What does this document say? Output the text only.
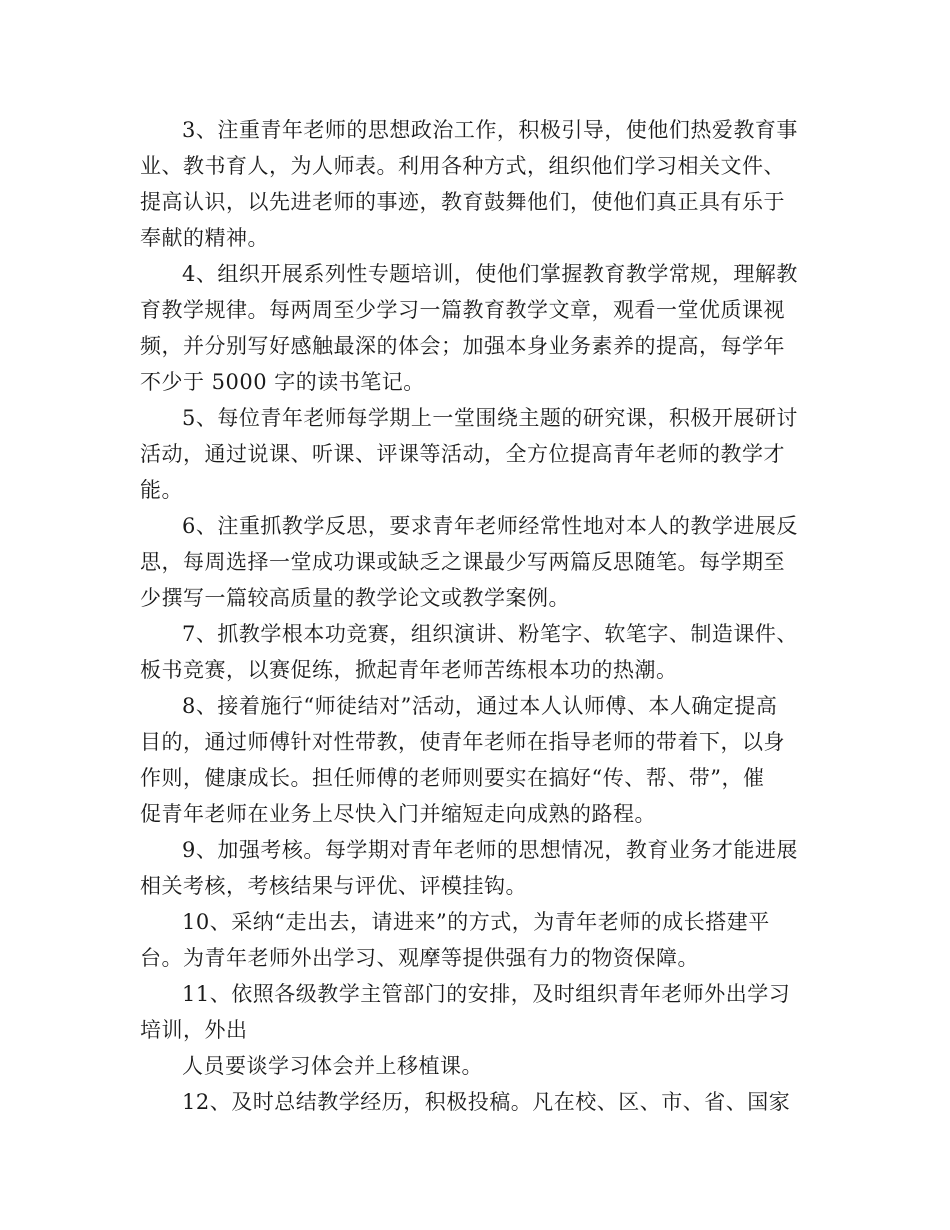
3、注重青年老师的思想政治工作，积极引导，使他们热爱教育事
业、教书育人，为人师表。利用各种方式，组织他们学习相关文件、
提高认识，以先进老师的事迹，教育鼓舞他们，使他们真正具有乐于
奉献的精神。

4、组织开展系列性专题培训，使他们掌握教育教学常规，理解教
育教学规律。每两周至少学习一篇教育教学文章，观看一堂优质课视
频，并分别写好感触最深的体会；加强本身业务素养的提高，每学年
不少于 5000 字的读书笔记。

5、每位青年老师每学期上一堂围绕主题的研究课，积极开展研讨
活动，通过说课、听课、评课等活动，全方位提高青年老师的教学才
能。

6、注重抓教学反思，要求青年老师经常性地对本人的教学进展反
思，每周选择一堂成功课或缺乏之课最少写两篇反思随笔。每学期至
少撰写一篇较高质量的教学论文或教学案例。

7、抓教学根本功竞赛，组织演讲、粉笔字、软笔字、制造课件、
板书竞赛，以赛促练，掀起青年老师苦练根本功的热潮。

8、接着施行“师徒结对”活动，通过本人认师傅、本人确定提高
目的，通过师傅针对性带教，使青年老师在指导老师的带着下，以身
作则，健康成长。担任师傅的老师则要实在搞好“传、帮、带”，催
促青年老师在业务上尽快入门并缩短走向成熟的路程。

9、加强考核。每学期对青年老师的思想情况，教育业务才能进展
相关考核，考核结果与评优、评模挂钩。

10、采纳“走出去，请进来”的方式，为青年老师的成长搭建平
台。为青年老师外出学习、观摩等提供强有力的物资保障。

11、依照各级教学主管部门的安排，及时组织青年老师外出学习
培训，外出

人员要谈学习体会并上移植课。

12、及时总结教学经历，积极投稿。凡在校、区、市、省、国家
